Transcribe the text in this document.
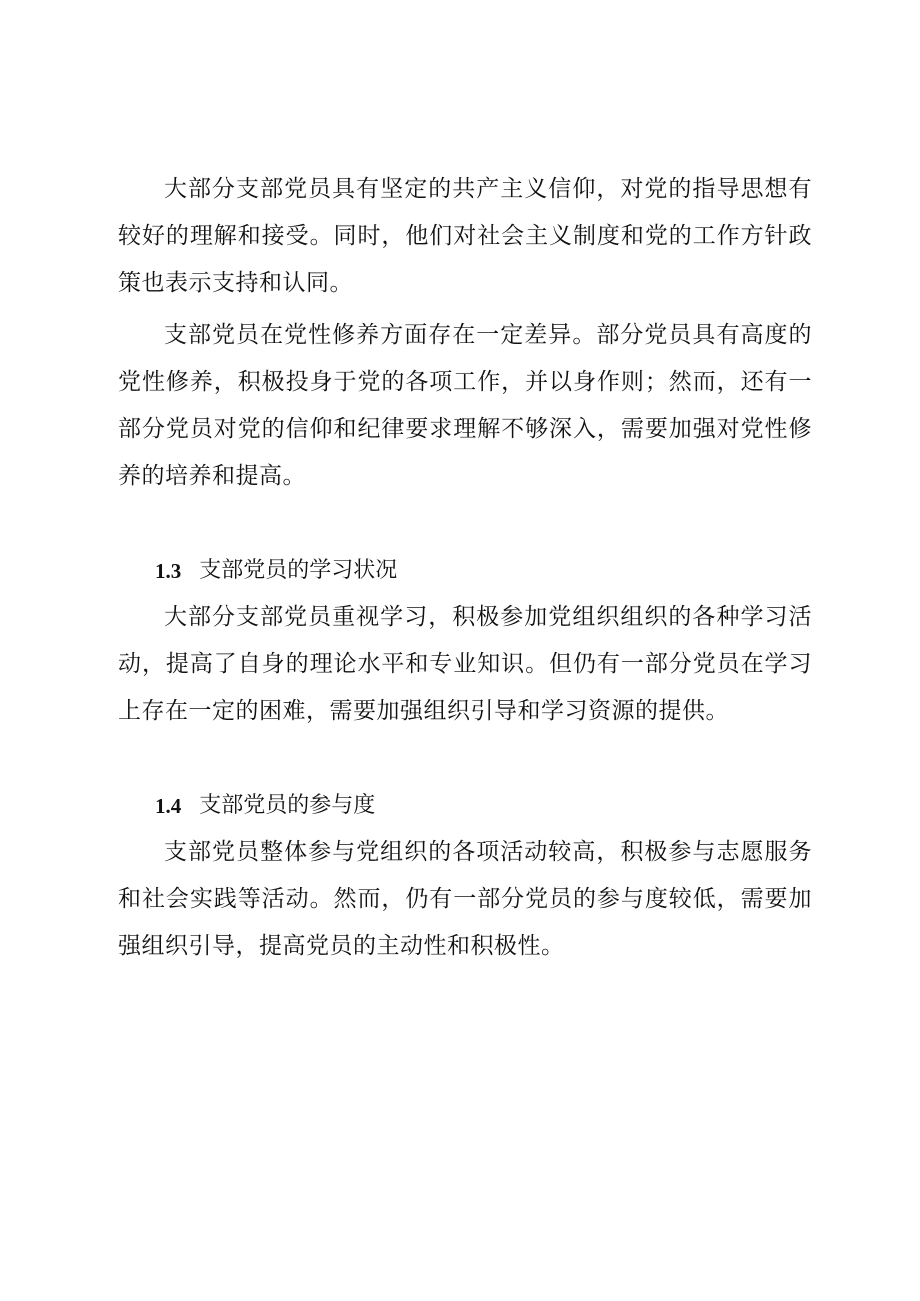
大部分支部党员具有坚定的共产主义信仰，对党的指导思想有较好的理解和接受。同时，他们对社会主义制度和党的工作方针政策也表示支持和认同。

支部党员在党性修养方面存在一定差异。部分党员具有高度的党性修养，积极投身于党的各项工作，并以身作则；然而，还有一部分党员对党的信仰和纪律要求理解不够深入，需要加强对党性修养的培养和提高。

1.3 支部党员的学习状况

大部分支部党员重视学习，积极参加党组织组织的各种学习活动，提高了自身的理论水平和专业知识。但仍有一部分党员在学习上存在一定的困难，需要加强组织引导和学习资源的提供。

1.4 支部党员的参与度

支部党员整体参与党组织的各项活动较高，积极参与志愿服务和社会实践等活动。然而，仍有一部分党员的参与度较低，需要加强组织引导，提高党员的主动性和积极性。
